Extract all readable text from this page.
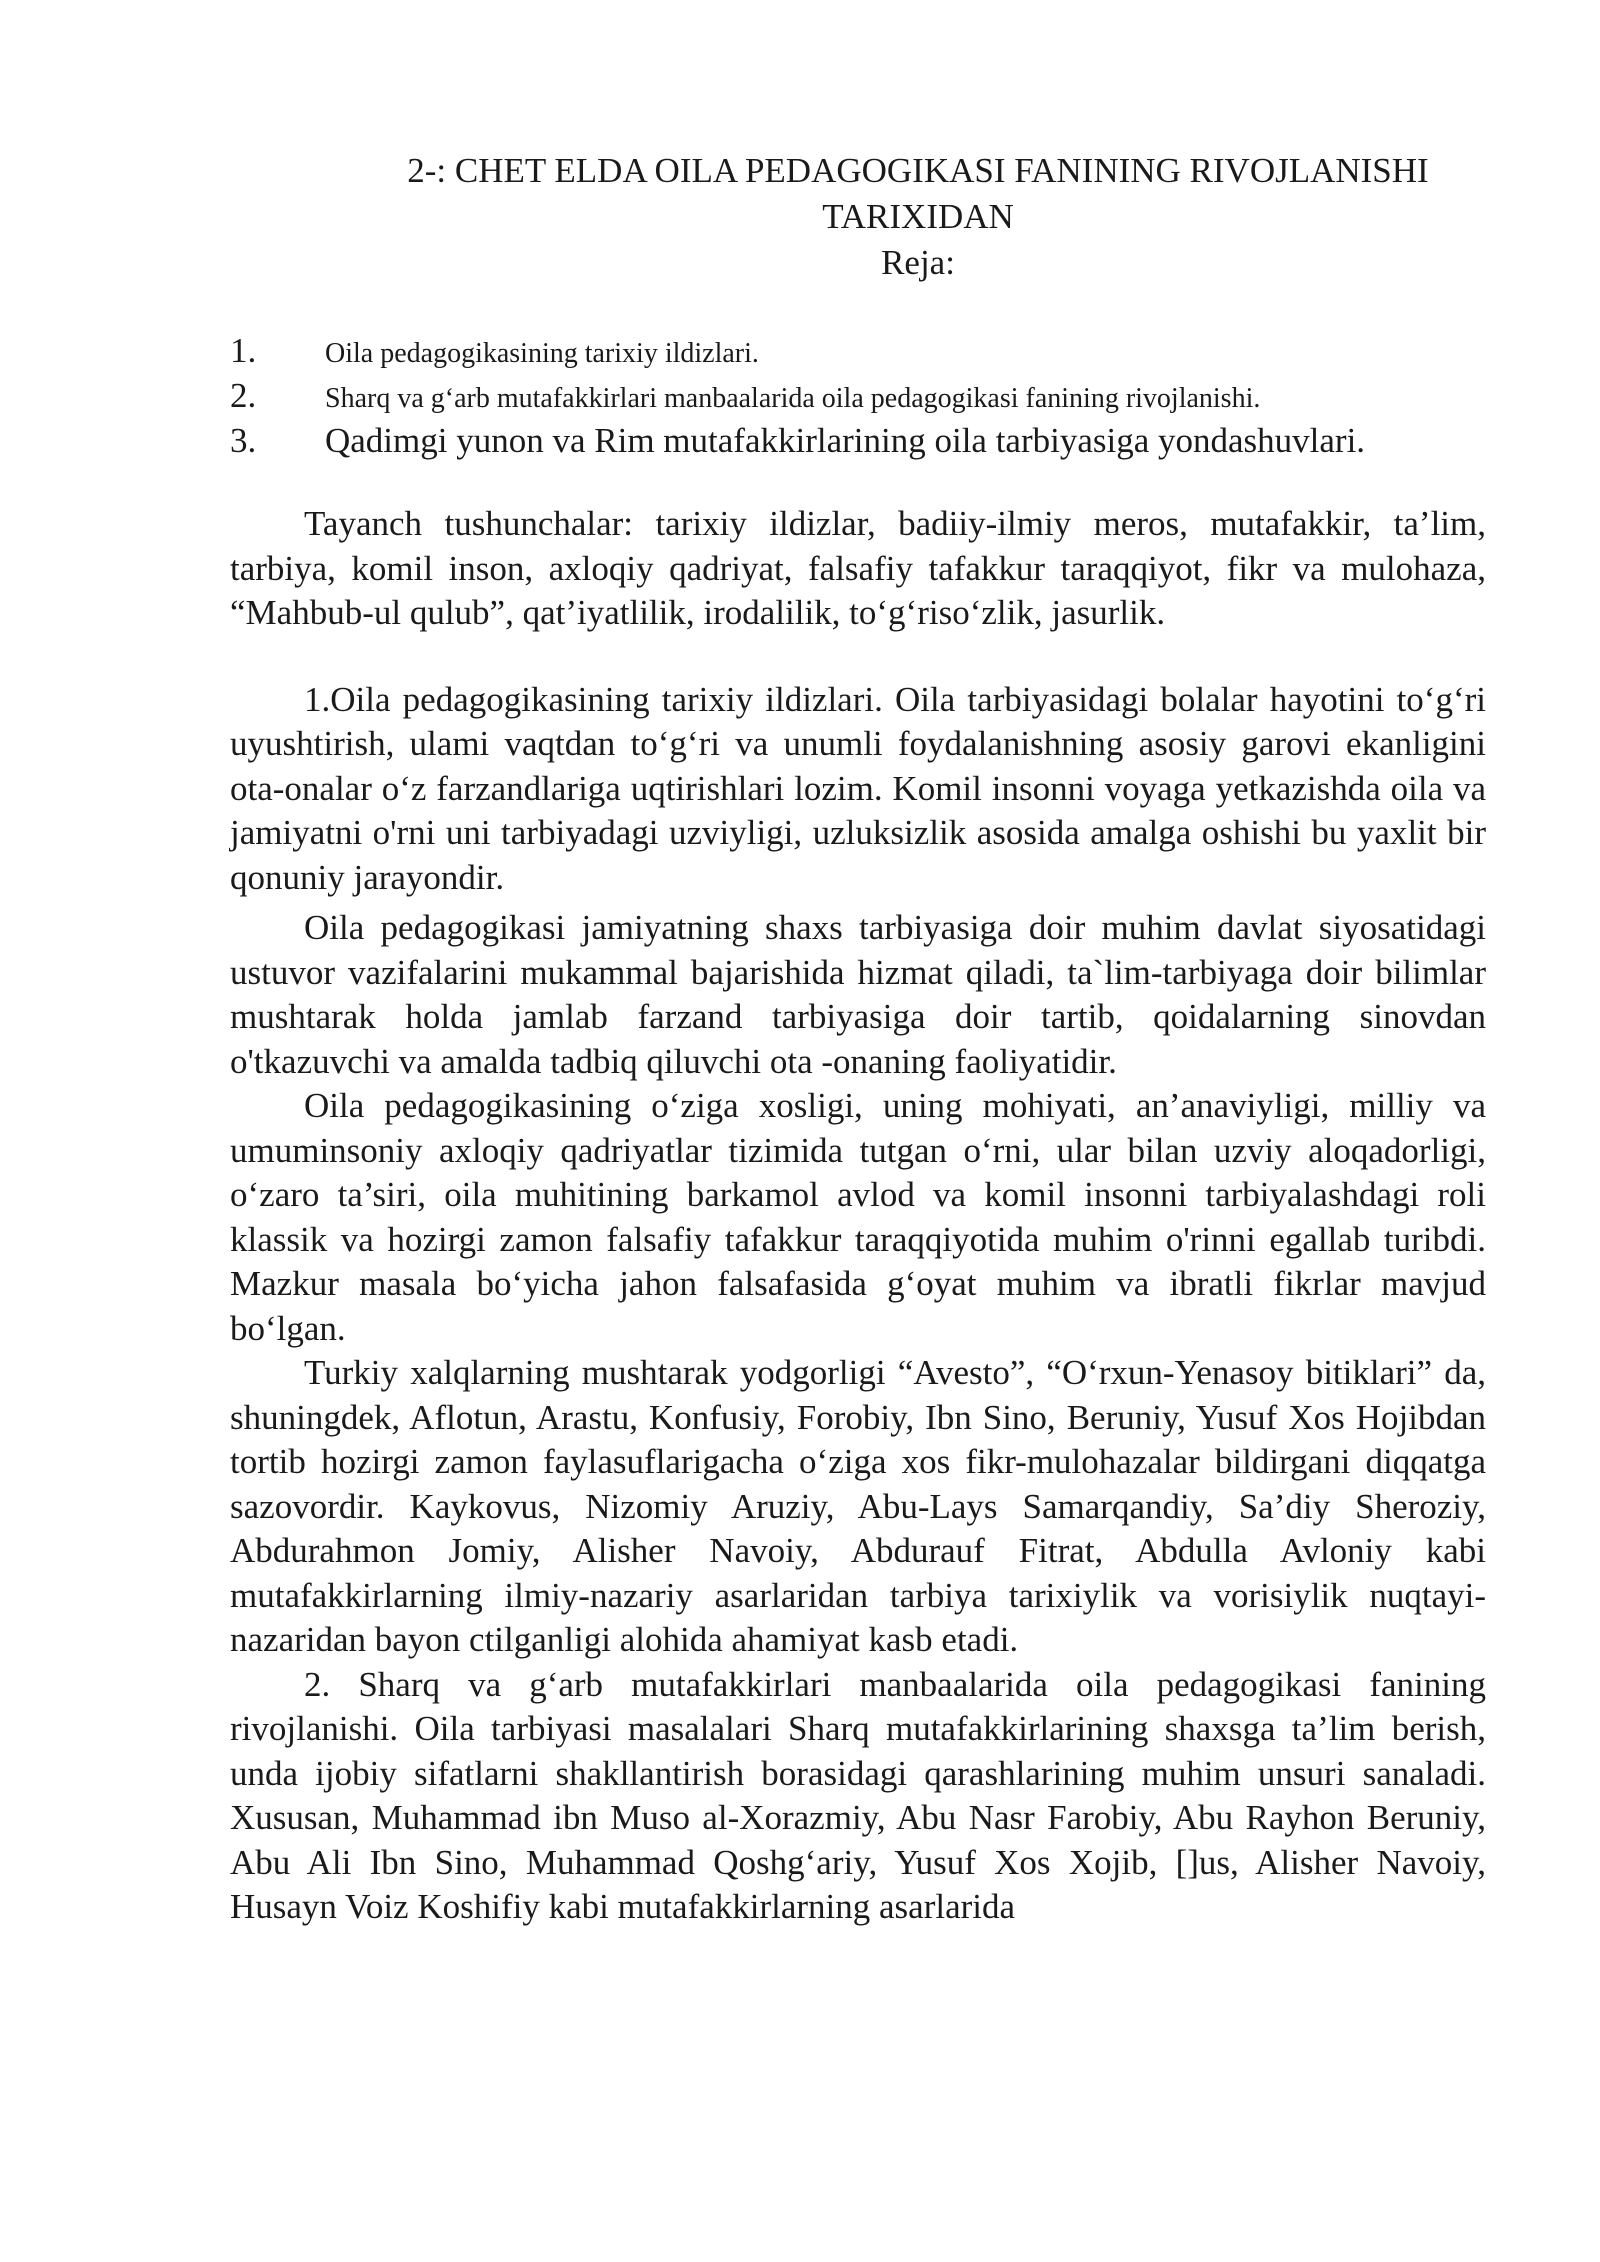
2-: CHET ELDA OILA PEDAGOGIKASI FANINING RIVOJLANISHI
TARIXIDAN
Reja:
1.	Oila pedagogikasining tarixiy ildizlari.
2.	Sharq va g‘arb mutafakkirlari manbaalarida oila pedagogikasi fanining rivojlanishi.
3.	Qadimgi yunon va Rim mutafakkirlarining oila tarbiyasiga yondashuvlari.

Tayanch tushunchalar: tarixiy ildizlar, badiiy-ilmiy meros, mutafakkir, ta’lim, tarbiya, komil inson, axloqiy qadriyat, falsafiy tafakkur taraqqiyot, fikr va mulohaza, “Mahbub-ul qulub”, qat’iyatlilik, irodalilik, to‘g‘riso‘zlik, jasurlik.

1.Oila pedagogikasining tarixiy ildizlari. Oila tarbiyasidagi bolalar hayotini to‘g‘ri uyushtirish, ulami vaqtdan to‘g‘ri va unumli foydalanishning asosiy garovi ekanligini ota-onalar o‘z farzandlariga uqtirishlari lozim. Komil insonni voyaga yetkazishda oila va jamiyatni o'rni uni tarbiyadagi uzviyligi, uzluksizlik asosida amalga oshishi bu yaxlit bir qonuniy jarayondir.

Oila pedagogikasi jamiyatning shaxs tarbiyasiga doir muhim davlat siyosatidagi ustuvor vazifalarini mukammal bajarishida hizmat qiladi, ta`lim-tarbiyaga doir bilimlar mushtarak holda jamlab farzand tarbiyasiga doir tartib, qoidalarning sinovdan o'tkazuvchi va amalda tadbiq qiluvchi ota -onaning faoliyatidir.

Oila pedagogikasining o‘ziga xosligi, uning mohiyati, an’anaviyligi, milliy va umuminsoniy axloqiy qadriyatlar tizimida tutgan o‘rni, ular bilan uzviy aloqadorligi, o‘zaro ta’siri, oila muhitining barkamol avlod va komil insonni tarbiyalashdagi roli klassik va hozirgi zamon falsafiy tafakkur taraqqiyotida muhim o'rinni egallab turibdi. Mazkur masala bo‘yicha jahon falsafasida g‘oyat muhim va ibratli fikrlar mavjud bo‘lgan.

Turkiy xalqlarning mushtarak yodgorligi “Avesto”, “O‘rxun-Yenasoy bitiklari” da, shuningdek, Aflotun, Arastu, Konfusiy, Forobiy, Ibn Sino, Beruniy, Yusuf Xos Hojibdan tortib hozirgi zamon faylasuflarigacha o‘ziga xos fikr-mulohazalar bildirgani diqqatga sazovordir. Kaykovus, Nizomiy Aruziy, Abu-Lays Samarqandiy, Sa’diy Sheroziy, Abdurahmon Jomiy, Alisher Navoiy, Abdurauf Fitrat, Abdulla Avloniy kabi mutafakkirlarning ilmiy-nazariy asarlaridan tarbiya tarixiylik va vorisiylik nuqtayi-nazaridan bayon ctilganligi alohida ahamiyat kasb etadi.

2. Sharq va g‘arb mutafakkirlari manbaalarida oila pedagogikasi fanining rivojlanishi. Oila tarbiyasi masalalari Sharq mutafakkirlarining shaxsga ta’lim berish, unda ijobiy sifatlarni shakllantirish borasidagi qarashlarining muhim unsuri sanaladi. Xususan, Muhammad ibn Muso al-Xorazmiy, Abu Nasr Farobiy, Abu Rayhon Beruniy, Abu Ali Ibn Sino, Muhammad Qoshg‘ariy, Yusuf Xos Xojib, []us, Alisher Navoiy, Husayn Voiz Koshifiy kabi mutafakkirlarning asarlarida
